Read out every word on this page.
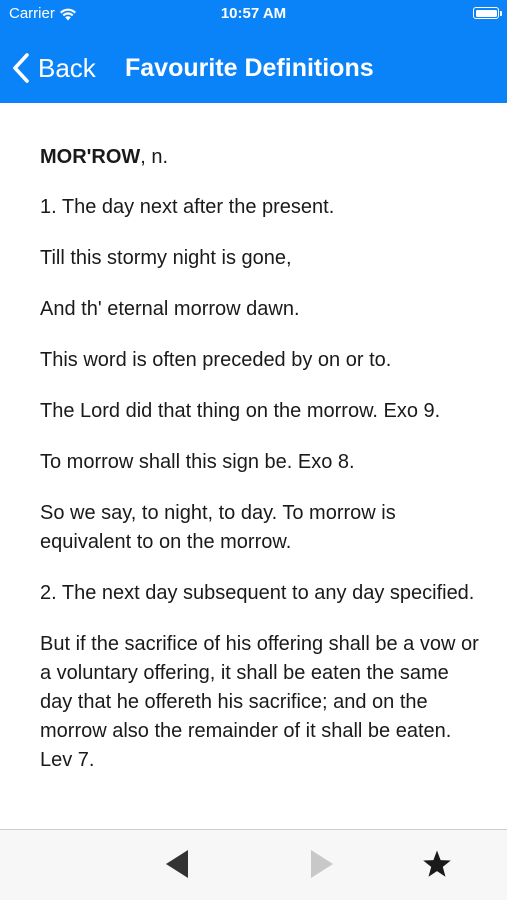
Carrier	10:57 AM
Back Favourite Definitions

MOR'ROW, n.

1. The day next after the present.

Till this stormy night is gone,

And th' eternal morrow dawn.

This word is often preceded by on or to.

The Lord did that thing on the morrow. Exo 9.

To morrow shall this sign be. Exo 8.

So we say, to night, to day. To morrow is equivalent to on the morrow.

2. The next day subsequent to any day specified.

But if the sacrifice of his offering shall be a vow or a voluntary offering, it shall be eaten the same day that he offereth his sacrifice; and on the morrow also the remainder of it shall be eaten. Lev 7.
